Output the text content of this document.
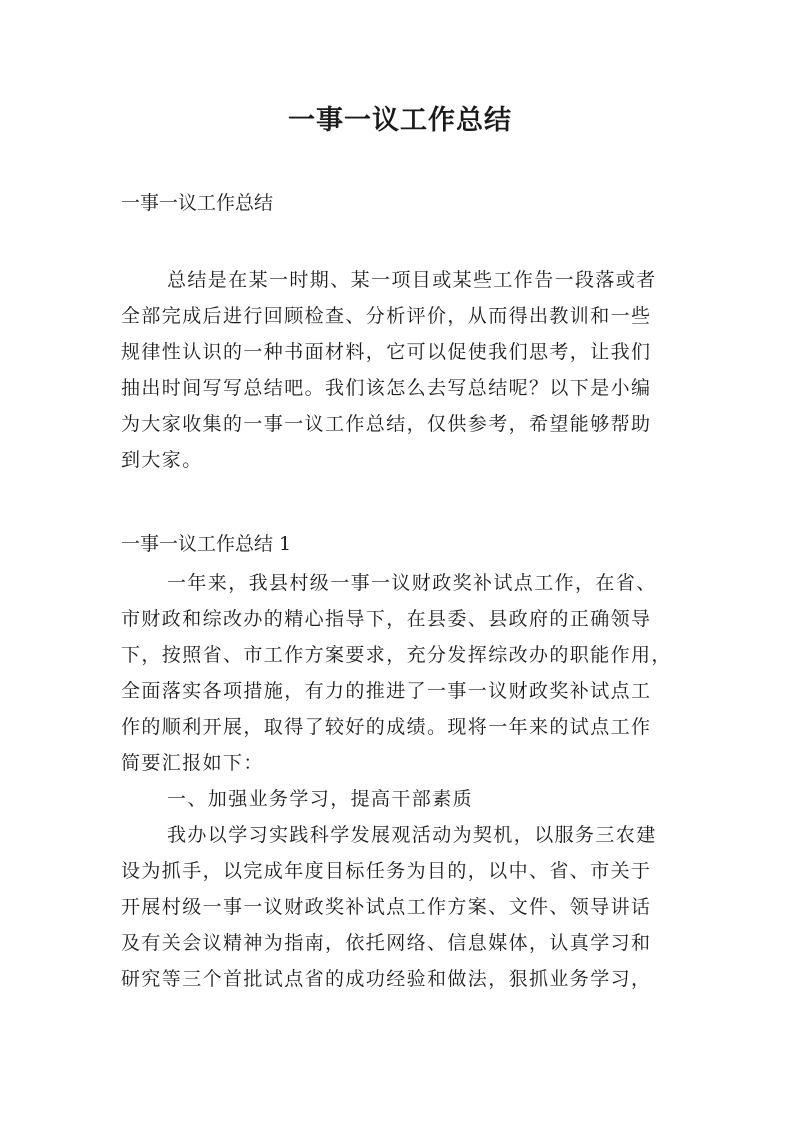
一事一议工作总结

一事一议工作总结

总结是在某一时期、某一项目或某些工作告一段落或者
全部完成后进行回顾检查、分析评价，从而得出教训和一些
规律性认识的一种书面材料，它可以促使我们思考，让我们
抽出时间写写总结吧。我们该怎么去写总结呢？以下是小编
为大家收集的一事一议工作总结，仅供参考，希望能够帮助
到大家。

一事一议工作总结 1

一年来，我县村级一事一议财政奖补试点工作，在省、
市财政和综改办的精心指导下，在县委、县政府的正确领导
下，按照省、市工作方案要求，充分发挥综改办的职能作用，
全面落实各项措施，有力的推进了一事一议财政奖补试点工
作的顺利开展，取得了较好的成绩。现将一年来的试点工作
简要汇报如下：

一、加强业务学习，提高干部素质

我办以学习实践科学发展观活动为契机，以服务三农建
设为抓手，以完成年度目标任务为目的，以中、省、市关于
开展村级一事一议财政奖补试点工作方案、文件、领导讲话
及有关会议精神为指南，依托网络、信息媒体，认真学习和
研究等三个首批试点省的成功经验和做法，狠抓业务学习，
